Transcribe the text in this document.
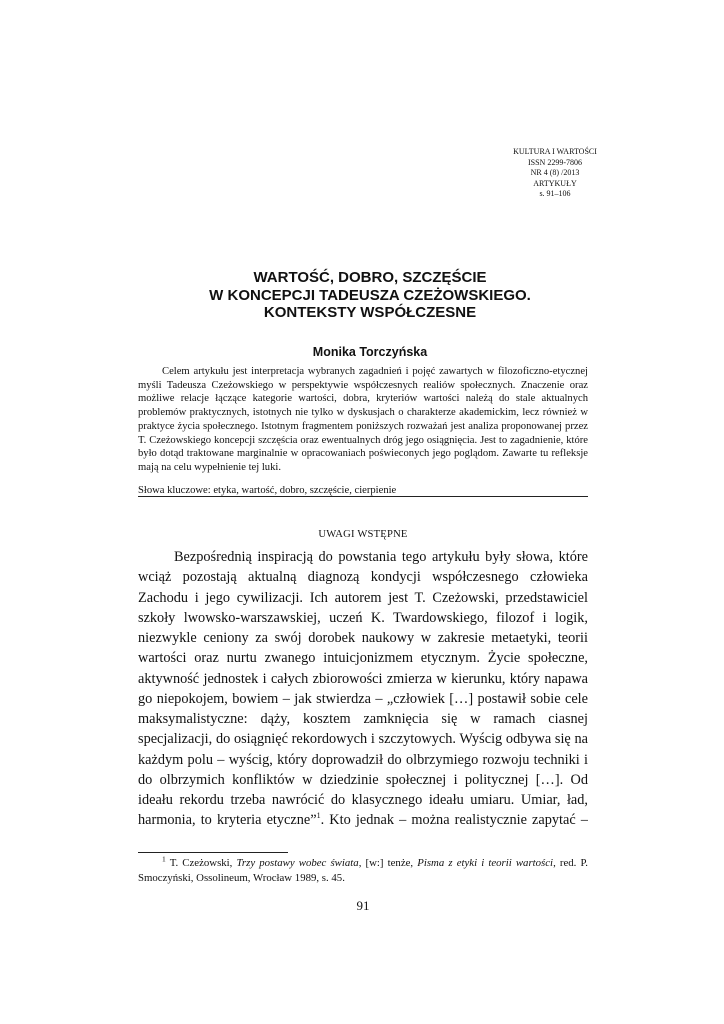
KULTURA I WARTOŚCI
ISSN 2299-7806
NR 4 (8) /2013
ARTYKUŁY
s. 91–106
WARTOŚĆ, DOBRO, SZCZĘŚCIE
W KONCEPCJI TADEUSZA CZEŻOWSKIEGO.
KONTEKSTY WSPÓŁCZESNE
Monika Torczyńska

Celem artykułu jest interpretacja wybranych zagadnień i pojęć zawartych w filozoficzno-etycznej myśli Tadeusza Czeżowskiego w perspektywie współczesnych realiów społecznych. Znaczenie oraz możliwe relacje łączące kategorie wartości, dobra, kryteriów wartości należą do stale aktualnych problemów praktycznych, istotnych nie tylko w dyskusjach o charakterze akademickim, lecz również w praktyce życia społecznego. Istotnym fragmentem poniższych rozważań jest analiza proponowanej przez T. Czeżowskiego koncepcji szczęścia oraz ewentualnych dróg jego osiągnięcia. Jest to zagadnienie, które było dotąd traktowane marginalnie w opracowaniach poświeconych jego poglądom. Zawarte tu refleksje mają na celu wypełnienie tej luki.

Słowa kluczowe: etyka, wartość, dobro, szczęście, cierpienie

UWAGI WSTĘPNE

Bezpośrednią inspiracją do powstania tego artykułu były słowa, które wciąż pozostają aktualną diagnozą kondycji współczesnego człowieka Zachodu i jego cywilizacji. Ich autorem jest T. Czeżowski, przedstawiciel szkoły lwowsko-warszawskiej, uczeń K. Twardowskiego, filozof i logik, niezwykle ceniony za swój dorobek naukowy w zakresie metaetyki, teorii wartości oraz nurtu zwanego intuicjonizmem etycznym. Życie społeczne, aktywność jednostek i całych zbiorowości zmierza w kierunku, który napawa go niepokojem, bowiem – jak stwierdza – „człowiek […] postawił sobie cele maksymalistyczne: dąży, kosztem zamknięcia się w ramach ciasnej specjalizacji, do osiągnięć rekordowych i szczytowych. Wyścig odbywa się na każdym polu – wyścig, który doprowadził do olbrzymiego rozwoju techniki i do olbrzymich konfliktów w dziedzinie społecznej i politycznej […]. Od ideału rekordu trzeba nawrócić do klasycznego ideału umiaru. Umiar, ład, harmonia, to kryteria etyczne”$^1$. Kto jednak – można realistycznie zapytać –

$^1$ T. Czeżowski, Trzy postawy wobec świata, [w:] tenże, Pisma z etyki i teorii wartości, red. P. Smoczyński, Ossolineum, Wrocław 1989, s. 45.

91
